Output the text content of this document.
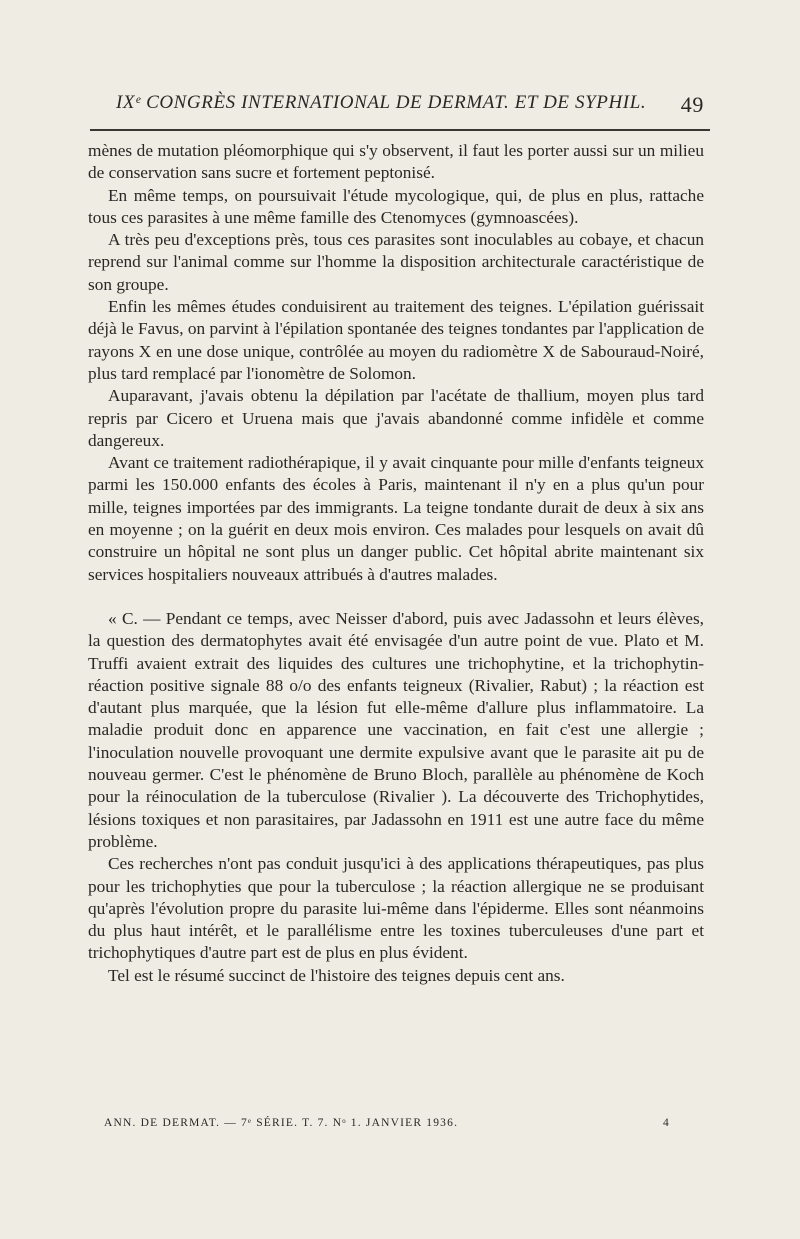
IXᵉ CONGRÈS INTERNATIONAL DE DERMAT. ET DE SYPHIL. 49

mènes de mutation pléomorphique qui s'y observent, il faut les porter aussi sur un milieu de conservation sans sucre et fortement peptonisé.

En même temps, on poursuivait l'étude mycologique, qui, de plus en plus, rattache tous ces parasites à une même famille des Ctenomyces (gymnoascées).

A très peu d'exceptions près, tous ces parasites sont inoculables au cobaye, et chacun reprend sur l'animal comme sur l'homme la disposition architecturale caractéristique de son groupe.

Enfin les mêmes études conduisirent au traitement des teignes. L'épilation guérissait déjà le Favus, on parvint à l'épilation spontanée des teignes tondantes par l'application de rayons X en une dose unique, contrôlée au moyen du radiomètre X de Sabouraud-Noiré, plus tard remplacé par l'ionomètre de Solomon.

Auparavant, j'avais obtenu la dépilation par l'acétate de thallium, moyen plus tard repris par Cicero et Uruena mais que j'avais abandonné comme infidèle et comme dangereux.

Avant ce traitement radiothérapique, il y avait cinquante pour mille d'enfants teigneux parmi les 150.000 enfants des écoles à Paris, maintenant il n'y en a plus qu'un pour mille, teignes importées par des immigrants. La teigne tondante durait de deux à six ans en moyenne ; on la guérit en deux mois environ. Ces malades pour lesquels on avait dû construire un hôpital ne sont plus un danger public. Cet hôpital abrite maintenant six services hospitaliers nouveaux attribués à d'autres malades.

« C. — Pendant ce temps, avec Neisser d'abord, puis avec Jadassohn et leurs élèves, la question des dermatophytes avait été envisagée d'un autre point de vue. Plato et M. Truffi avaient extrait des liquides des cultures une trichophytine, et la trichophytin-réaction positive signale 88 o/o des enfants teigneux (Rivalier, Rabut) ; la réaction est d'autant plus marquée, que la lésion fut elle-même d'allure plus inflammatoire. La maladie produit donc en apparence une vaccination, en fait c'est une allergie ; l'inoculation nouvelle provoquant une dermite expulsive avant que le parasite ait pu de nouveau germer. C'est le phénomène de Bruno Bloch, parallèle au phénomène de Koch pour la réinoculation de la tuberculose (Rivalier ). La découverte des Trichophytides, lésions toxiques et non parasitaires, par Jadassohn en 1911 est une autre face du même problème.

Ces recherches n'ont pas conduit jusqu'ici à des applications thérapeutiques, pas plus pour les trichophyties que pour la tuberculose ; la réaction allergique ne se produisant qu'après l'évolution propre du parasite lui-même dans l'épiderme. Elles sont néanmoins du plus haut intérêt, et le parallélisme entre les toxines tuberculeuses d'une part et trichophytiques d'autre part est de plus en plus évident.

Tel est le résumé succinct de l'histoire des teignes depuis cent ans.

ANN. DE DERMAT. — 7ᵉ SÉRIE. T. 7. Nᵒ 1. JANVIER 1936.	4
